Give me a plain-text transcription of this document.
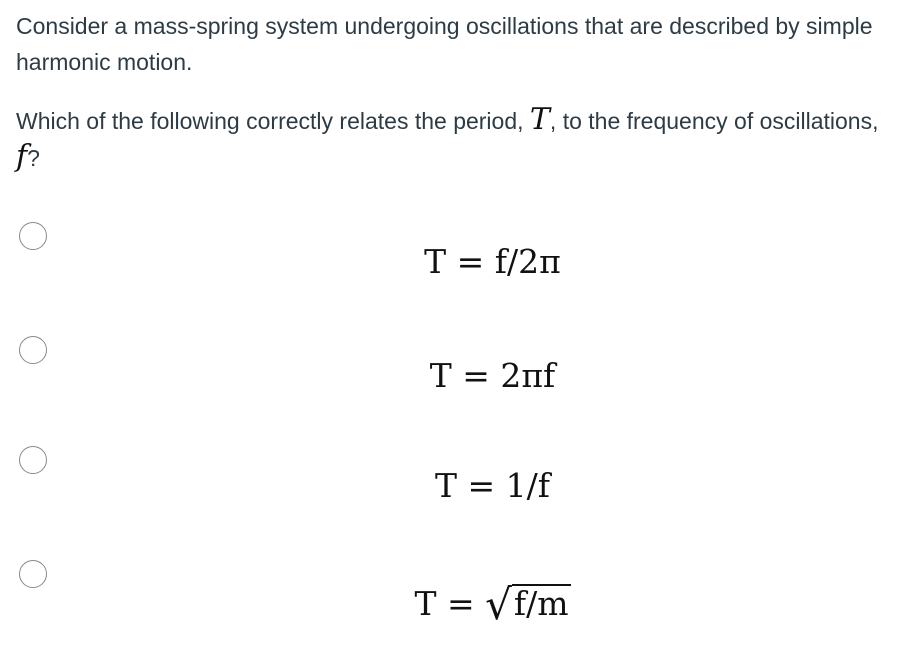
Consider a mass-spring system undergoing oscillations that are described by simple harmonic motion.

Which of the following correctly relates the period, T, to the frequency of oscillations, f?

T = f/2π
T = 2πf
T = 1/f
T = √f/m
